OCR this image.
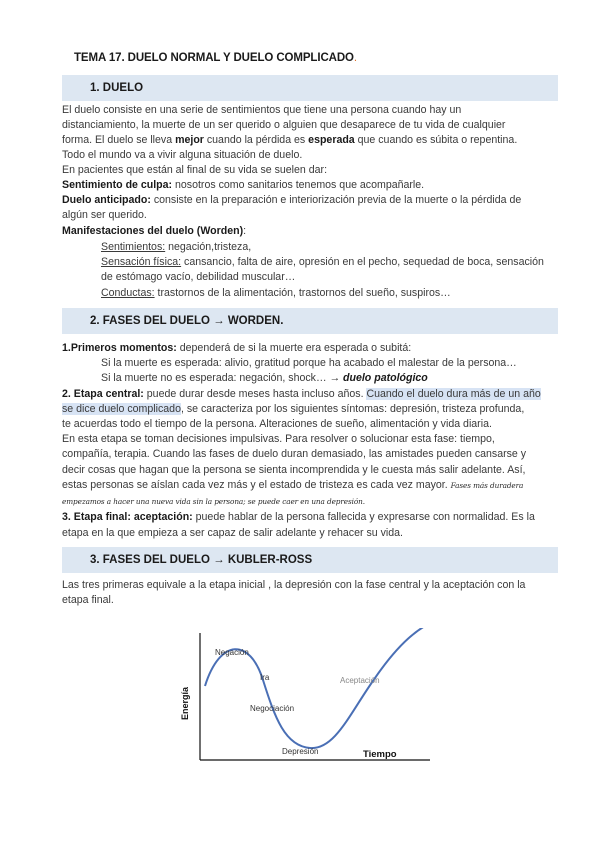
TEMA 17. DUELO NORMAL Y DUELO COMPLICADO.
1. DUELO

El duelo consiste en una serie de sentimientos que tiene una persona cuando hay un

distanciamiento, la muerte de un ser querido o alguien que desaparece de tu vida de cualquier

forma. El duelo se lleva mejor cuando la pérdida es esperada que cuando es súbita o repentina.

Todo el mundo va a vivir alguna situación de duelo.

En pacientes que están al final de su vida se suelen dar:

Sentimiento de culpa: nosotros como sanitarios tenemos que acompañarle.

Duelo anticipado: consiste en la preparación e interiorización previa de la muerte o la pérdida de

algún ser querido.

Manifestaciones del duelo (Worden):

Sentimientos: negación,tristeza,

Sensación física: cansancio, falta de aire, opresión en el pecho, sequedad de boca, sensación

de estómago vacío, debilidad muscular…

Conductas: trastornos de la alimentación, trastornos del sueño, suspiros…

2. FASES DEL DUELO → WORDEN.

1.Primeros momentos: dependerá de si la muerte era esperada o subitá:

Si la muerte es esperada: alivio, gratitud porque ha acabado el malestar de la persona…

Si la muerte no es esperada: negación, shock… → duelo patológico

2. Etapa central: puede durar desde meses hasta incluso años. Cuando el duelo dura más de un año

se dice duelo complicado, se caracteriza por los siguientes síntomas: depresión, tristeza profunda,

te acuerdas todo el tiempo de la persona. Alteraciones de sueño, alimentación y vida diaria.

En esta etapa se toman decisiones impulsivas. Para resolver o solucionar esta fase: tiempo,

compañía, terapia. Cuando las fases de duelo duran demasiado, las amistades pueden cansarse y

decir cosas que hagan que la persona se sienta incomprendida y le cuesta más salir adelante. Así,

estas personas se aíslan cada vez más y el estado de tristeza es cada vez mayor. Fases más duradera

empezamos a hacer una nueva vida sin la persona; se puede caer en una depresión.

3. Etapa final: aceptación: puede hablar de la persona fallecida y expresarse con normalidad. Es la

etapa en la que empieza a ser capaz de salir adelante y rehacer su vida.

3. FASES DEL DUELO → KUBLER-ROSS

Las tres primeras equivale a la etapa inicial , la depresión con la fase central y la aceptación con la

etapa final.

Energía
Tiempo
Negación
Ira
Negociación
Depresión
Aceptación
